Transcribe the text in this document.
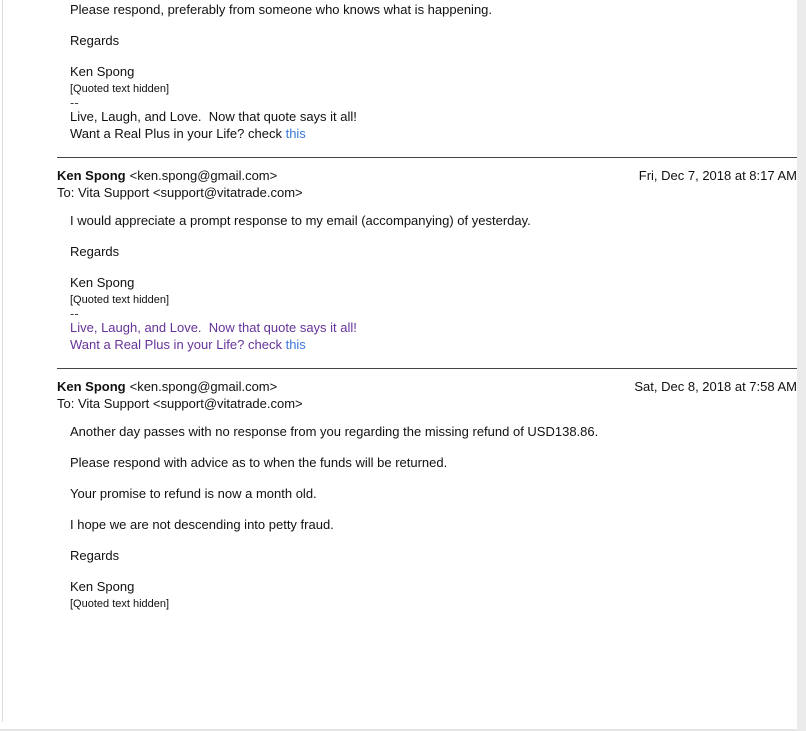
Please respond, preferably from someone who knows what is happening.

Regards

Ken Spong

[Quoted text hidden]
--
Live, Laugh, and Love.  Now that quote says it all!
Want a Real Plus in your Life? check this
Ken Spong <ken.spong@gmail.com>	Fri, Dec 7, 2018 at 8:17 AM
To: Vita Support <support@vitatrade.com>

I would appreciate a prompt response to my email (accompanying) of yesterday.

Regards

Ken Spong

[Quoted text hidden]
--
Live, Laugh, and Love.  Now that quote says it all!
Want a Real Plus in your Life? check this
Ken Spong <ken.spong@gmail.com>	Sat, Dec 8, 2018 at 7:58 AM
To: Vita Support <support@vitatrade.com>

Another day passes with no response from you regarding the missing refund of USD138.86.

Please respond with advice as to when the funds will be returned.

Your promise to refund is now a month old.

I hope we are not descending into petty fraud.

Regards

Ken Spong

[Quoted text hidden]
